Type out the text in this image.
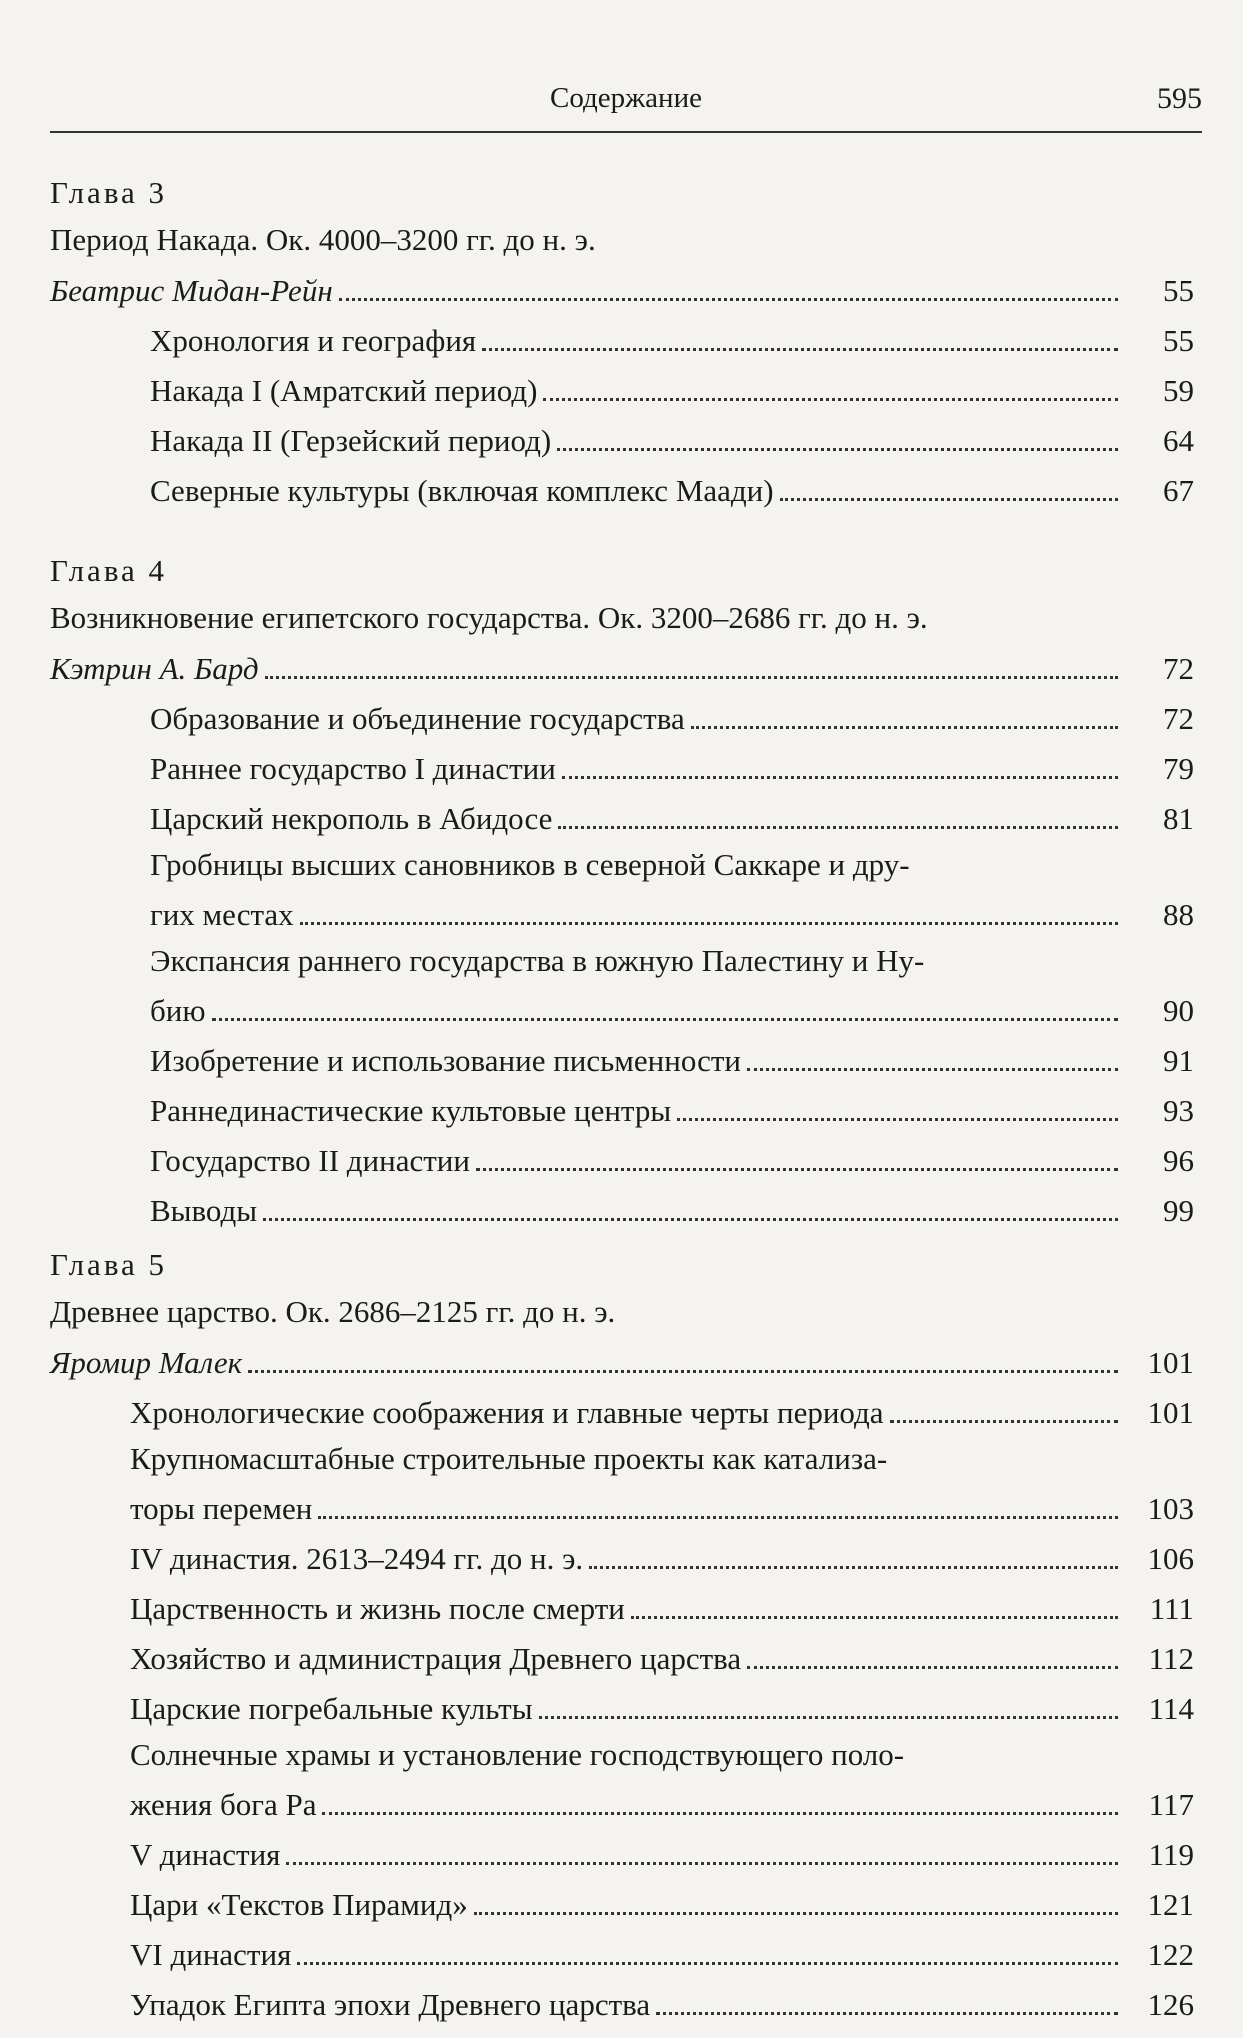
Содержание	595
Глава 3
Период Накада. Ок. 4000–3200 гг. до н. э.
Беатрис Мидан-Рейн	55
Хронология и география	55
Накада I (Амратский период)	59
Накада II (Герзейский период)	64
Северные культуры (включая комплекс Маади)	67
Глава 4
Возникновение египетского государства. Ок. 3200–2686 гг. до н. э.
Кэтрин А. Бард	72
Образование и объединение государства	72
Раннее государство I династии	79
Царский некрополь в Абидосе	81
Гробницы высших сановников в северной Саккаре и дру-
гих местах	88
Экспансия раннего государства в южную Палестину и Ну-
бию	90
Изобретение и использование письменности	91
Раннединастические культовые центры	93
Государство II династии	96
Выводы	99
Глава 5
Древнее царство. Ок. 2686–2125 гг. до н. э.
Яромир Малек	101
Хронологические соображения и главные черты периода	101
Крупномасштабные строительные проекты как катализа-
торы перемен	103
IV династия. 2613–2494 гг. до н. э.	106
Царственность и жизнь после смерти	111
Хозяйство и администрация Древнего царства	112
Царские погребальные культы	114
Солнечные храмы и установление господствующего поло-
жения бога Ра	117
V династия	119
Цари «Текстов Пирамид»	121
VI династия	122
Упадок Египта эпохи Древнего царства	126
